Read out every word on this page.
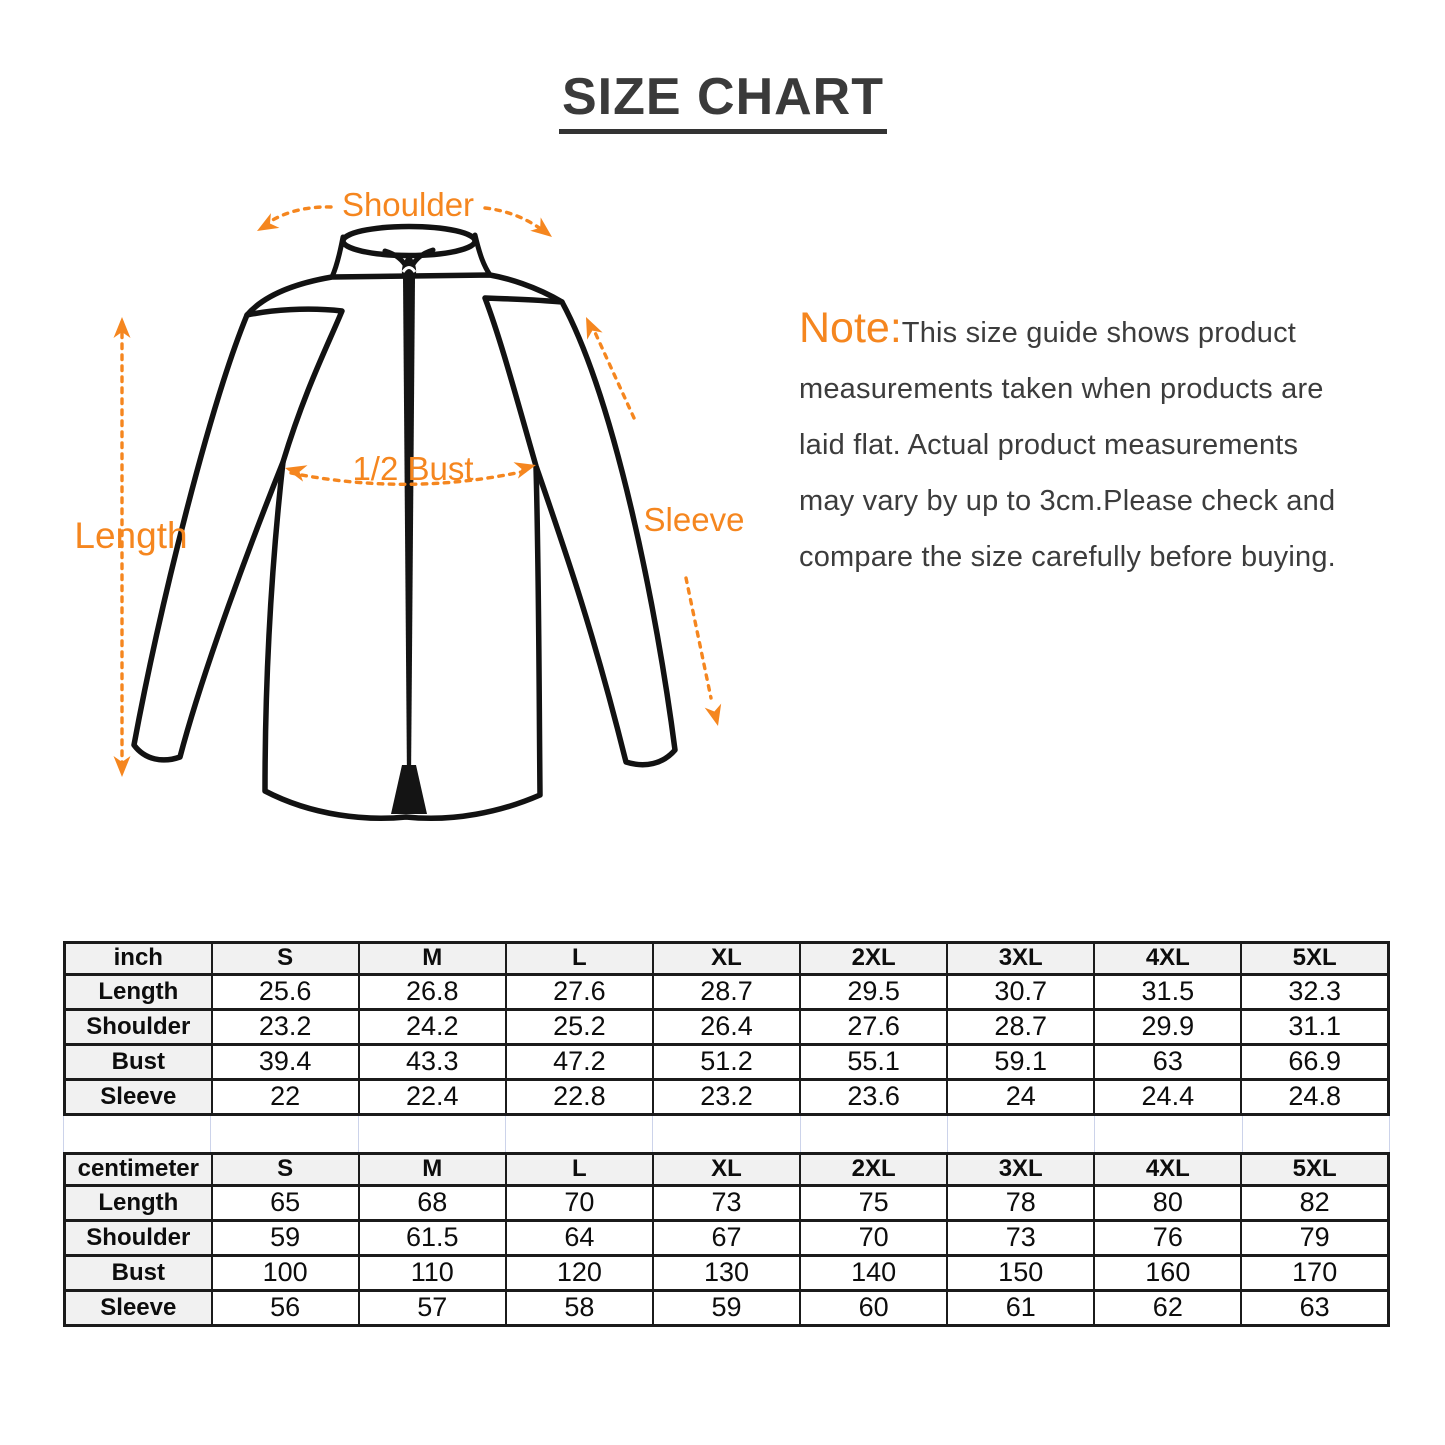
SIZE CHART
Shoulder
Length
1/2 Bust
Sleeve
Note:This size guide shows product
measurements taken when products are
laid flat. Actual product measurements
may vary by up to 3cm.Please check and
compare the size carefully before buying.
inch	S	M	L	XL	2XL	3XL	4XL	5XL
Length	25.6	26.8	27.6	28.7	29.5	30.7	31.5	32.3
Shoulder	23.2	24.2	25.2	26.4	27.6	28.7	29.9	31.1
Bust	39.4	43.3	47.2	51.2	55.1	59.1	63	66.9
Sleeve	22	22.4	22.8	23.2	23.6	24	24.4	24.8
centimeter	S	M	L	XL	2XL	3XL	4XL	5XL
Length	65	68	70	73	75	78	80	82
Shoulder	59	61.5	64	67	70	73	76	79
Bust	100	110	120	130	140	150	160	170
Sleeve	56	57	58	59	60	61	62	63
